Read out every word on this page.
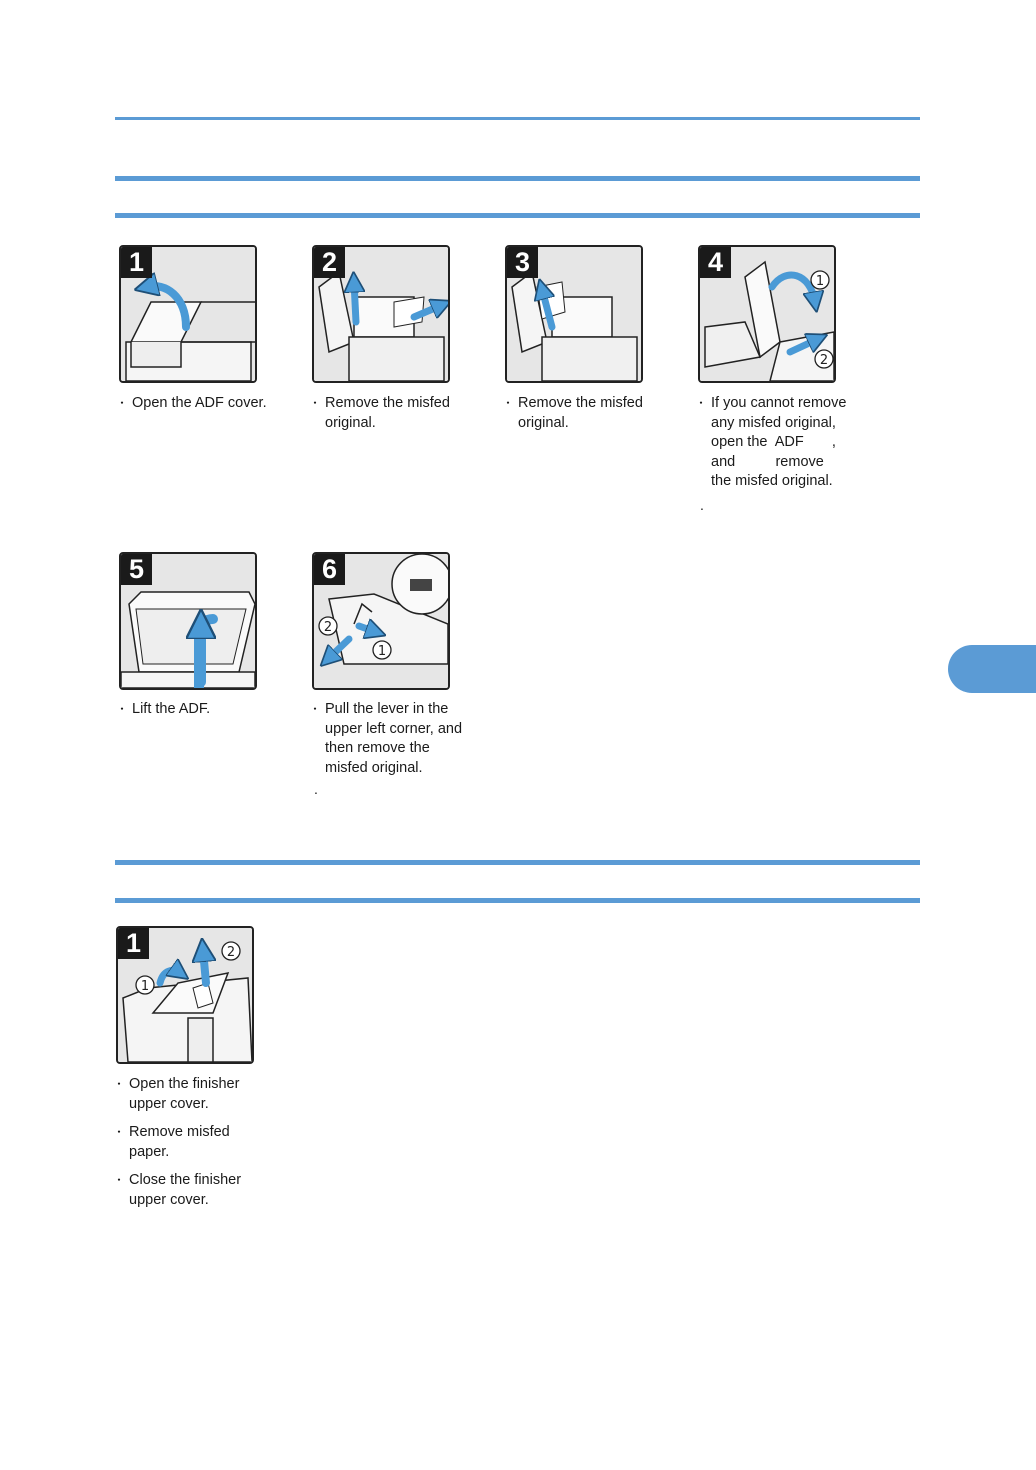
1	2	3	4
1
2
5	6
2
1
・ Open the ADF cover.	・ Remove the misfed
original.
・ Remove the misfed
original.
・ If you cannot remove
any misfed original,
open the  ADF       ,
and          remove
the misfed original.
.
・ Lift the ADF.	・ Pull the lever in the
upper left corner, and
then remove the
misfed original.
.
1
1
2
・ Open the finisher
upper cover.
・ Remove misfed
paper.
・ Close the finisher
upper cover.
